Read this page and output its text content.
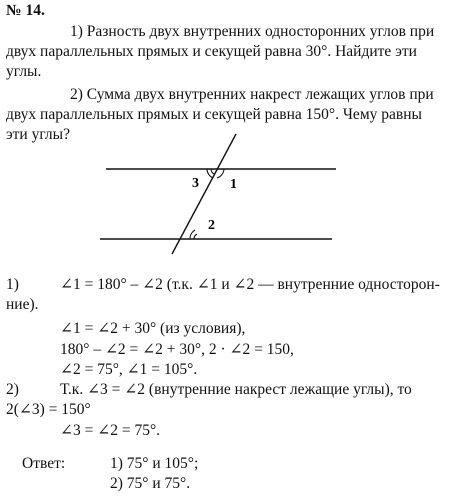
№ 14.
1) Разность двух внутренних односторонних углов при
двух параллельных прямых и секущей равна 30°. Найдите эти
углы.
2) Сумма двух внутренних накрест лежащих углов при
двух параллельных прямых и секущей равна 150°. Чему равны
эти углы?
3 1
2
1)	∠1 = 180° – ∠2 (т.к. ∠1 и ∠2 — внутренние односторон-
ние).
∠1 = ∠2 + 30° (из условия),
180° – ∠2 = ∠2 + 30°, 2 · ∠2 = 150,
∠2 = 75°, ∠1 = 105°.
2)	Т.к. ∠3 = ∠2 (внутренние накрест лежащие углы), то
2(∠3) = 150°
∠3 = ∠2 = 75°.
Ответ:	1) 75° и 105°;
2) 75° и 75°.
